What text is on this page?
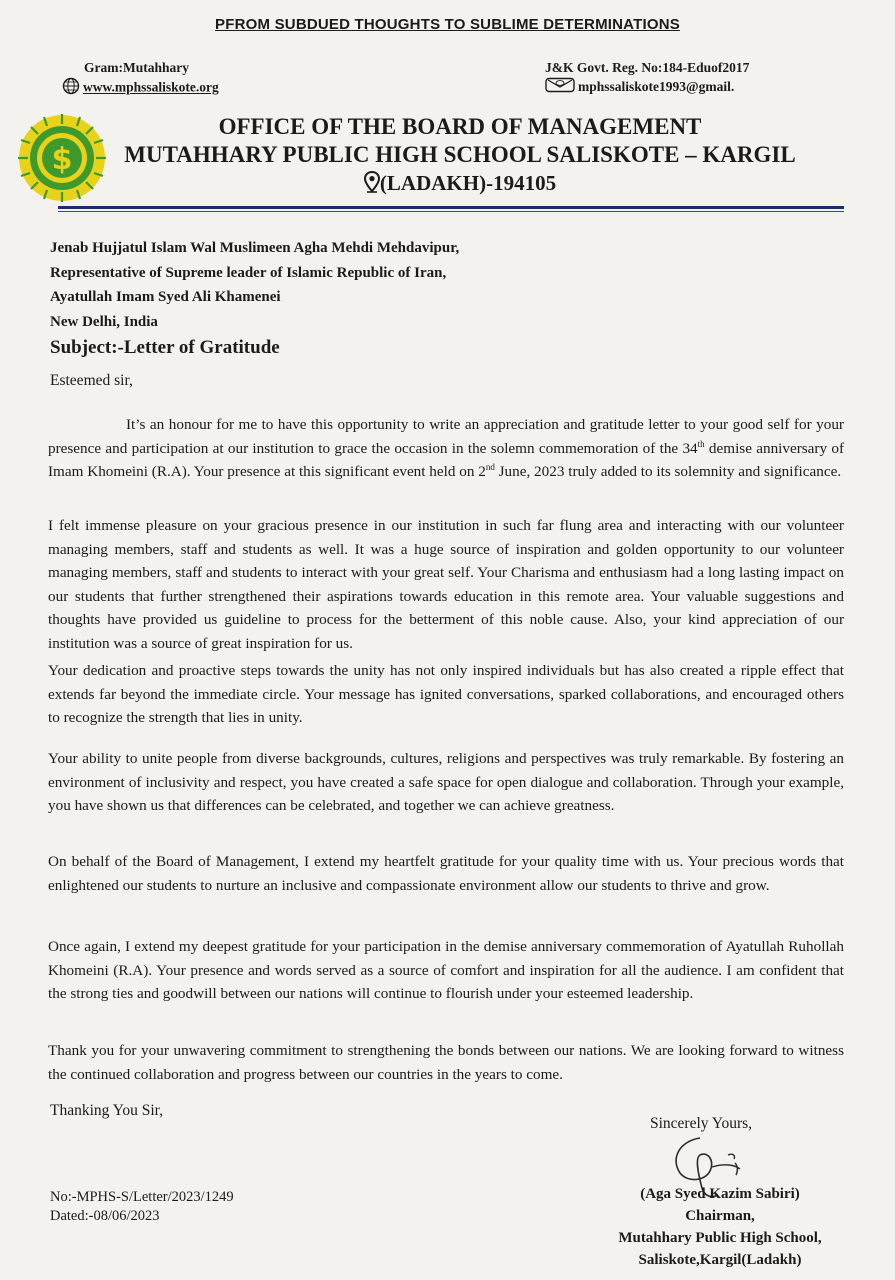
PFROM SUBDUED THOUGHTS TO SUBLIME DETERMINATIONS
Gram:Mutahhary
www.mphssaliskote.org
J&K Govt. Reg. No:184-Eduof2017
mphssaliskote1993@gmail.
$
OFFICE OF THE BOARD OF MANAGEMENT
MUTAHHARY PUBLIC HIGH SCHOOL SALISKOTE – KARGIL
(LADAKH)-194105
Jenab Hujjatul Islam Wal Muslimeen Agha Mehdi Mehdavipur,
Representative of Supreme leader of Islamic Republic of Iran,
Ayatullah Imam Syed Ali Khamenei
New Delhi, India
Subject:-Letter of Gratitude
Esteemed sir,
It’s an honour for me to have this opportunity to write an appreciation and gratitude letter to your good self for your presence and participation at our institution to grace the occasion in the solemn commemoration of the 34th demise anniversary of Imam Khomeini (R.A). Your presence at this significant event held on 2nd June, 2023 truly added to its solemnity and significance.
I felt immense pleasure on your gracious presence in our institution in such far flung area and interacting with our volunteer managing members, staff and students as well. It was a huge source of inspiration and golden opportunity to our volunteer managing members, staff and students to interact with your great self. Your Charisma and enthusiasm had a long lasting impact on our students that further strengthened their aspirations towards education in this remote area. Your valuable suggestions and thoughts have provided us guideline to process for the betterment of this noble cause. Also, your kind appreciation of our institution was a source of great inspiration for us.
Your dedication and proactive steps towards the unity has not only inspired individuals but has also created a ripple effect that extends far beyond the immediate circle. Your message has ignited conversations, sparked collaborations, and encouraged others to recognize the strength that lies in unity.
Your ability to unite people from diverse backgrounds, cultures, religions and perspectives was truly remarkable. By fostering an environment of inclusivity and respect, you have created a safe space for open dialogue and collaboration. Through your example, you have shown us that differences can be celebrated, and together we can achieve greatness.
On behalf of the Board of Management, I extend my heartfelt gratitude for your quality time with us. Your precious words that enlightened our students to nurture an inclusive and compassionate environment allow our students to thrive and grow.
Once again, I extend my deepest gratitude for your participation in the demise anniversary commemoration of Ayatullah Ruhollah Khomeini (R.A). Your presence and words served as a source of comfort and inspiration for all the audience. I am confident that the strong ties and goodwill between our nations will continue to flourish under your esteemed leadership.
Thank you for your unwavering commitment to strengthening the bonds between our nations. We are looking forward to witness the continued collaboration and progress between our countries in the years to come.
Thanking You Sir,
No:-MPHS-S/Letter/2023/1249
Dated:-08/06/2023
Sincerely Yours,
(Aga Syed Kazim Sabiri)
Chairman,
Mutahhary Public High School,
Saliskote,Kargil(Ladakh)
